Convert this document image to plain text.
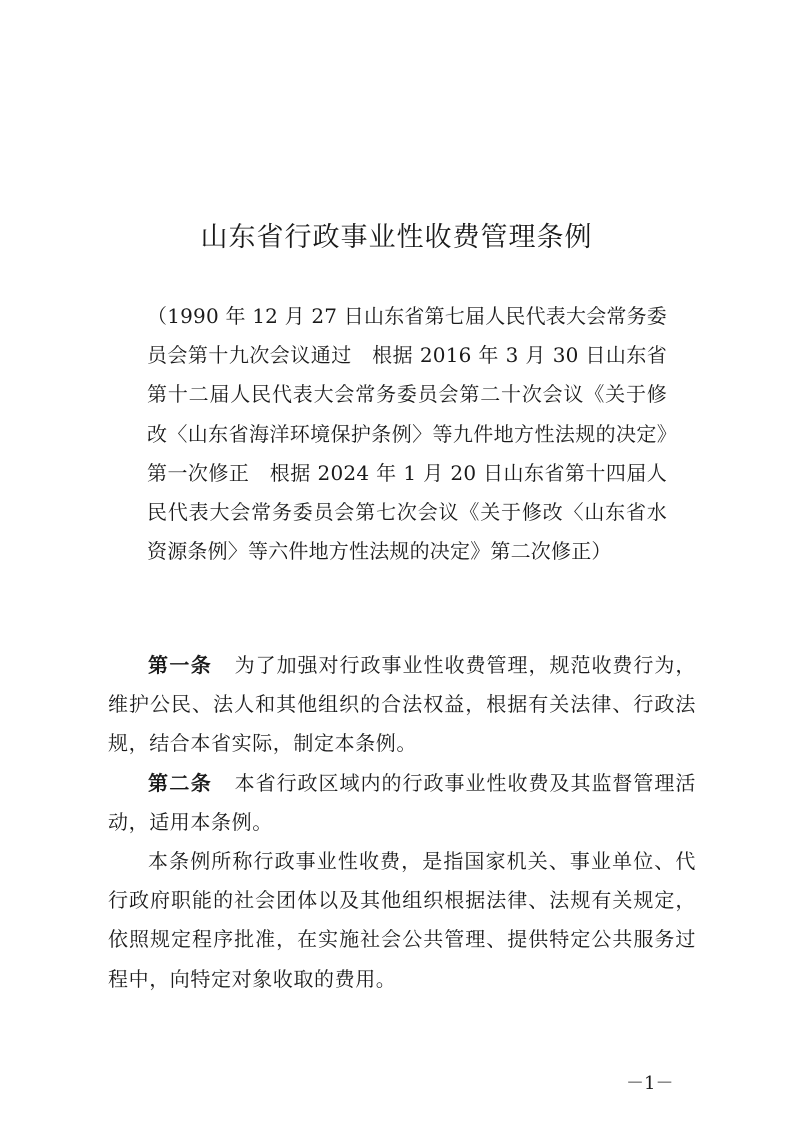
山东省行政事业性收费管理条例

（1990 年 12 月 27 日山东省第七届人民代表大会常务委员会第十九次会议通过　根据 2016 年 3 月 30 日山东省第十二届人民代表大会常务委员会第二十次会议《关于修改〈山东省海洋环境保护条例〉等九件地方性法规的决定》第一次修正　根据 2024 年 1 月 20 日山东省第十四届人民代表大会常务委员会第七次会议《关于修改〈山东省水资源条例〉等六件地方性法规的决定》第二次修正）

第一条 为了加强对行政事业性收费管理，规范收费行为，维护公民、法人和其他组织的合法权益，根据有关法律、行政法规，结合本省实际，制定本条例。

第二条 本省行政区域内的行政事业性收费及其监督管理活动，适用本条例。

本条例所称行政事业性收费，是指国家机关、事业单位、代行政府职能的社会团体以及其他组织根据法律、法规有关规定，依照规定程序批准，在实施社会公共管理、提供特定公共服务过程中，向特定对象收取的费用。

－1－
